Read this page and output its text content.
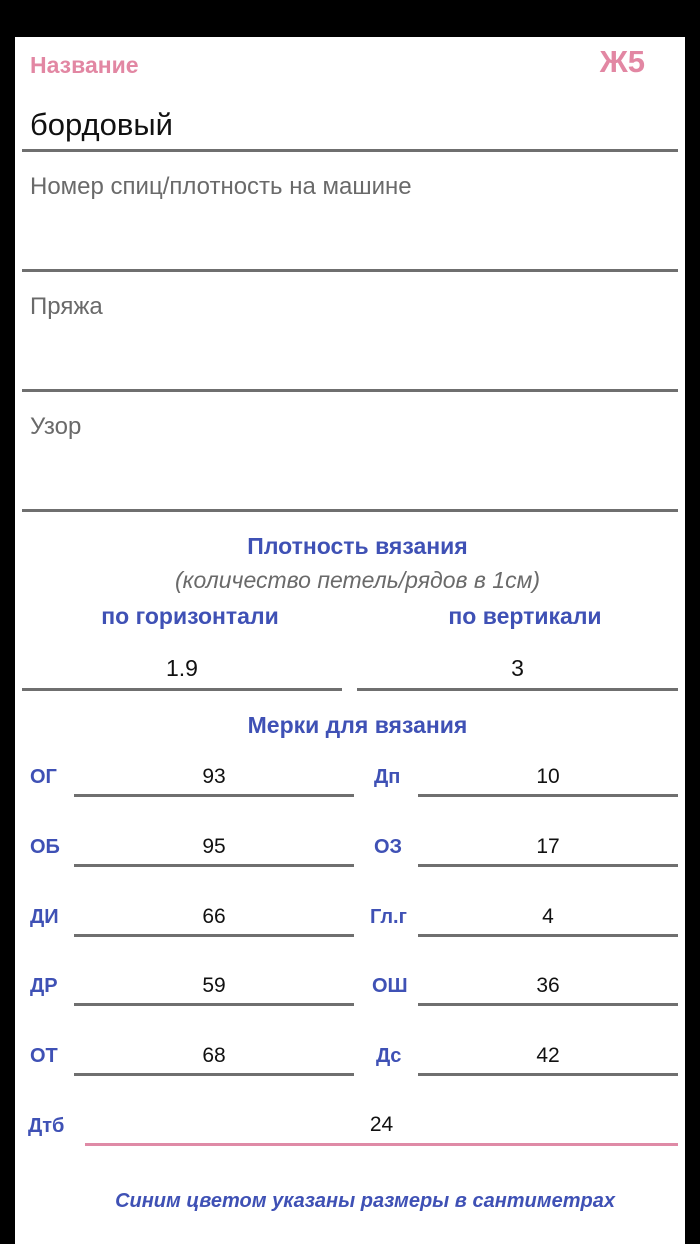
Название	Ж5
бордовый
Номер спиц/плотность на машине
Пряжа
Узор
Плотность вязания
(количество петель/рядов в 1см)
по горизонтали	по вертикали
1.9	3
Мерки для вязания
ОГ	93	Дп	10
ОБ	95	ОЗ	17
ДИ	66	Гл.г	4
ДР	59	ОШ	36
ОТ	68	Дс	42
Дтб	24
Синим цветом указаны размеры в сантиметрах
